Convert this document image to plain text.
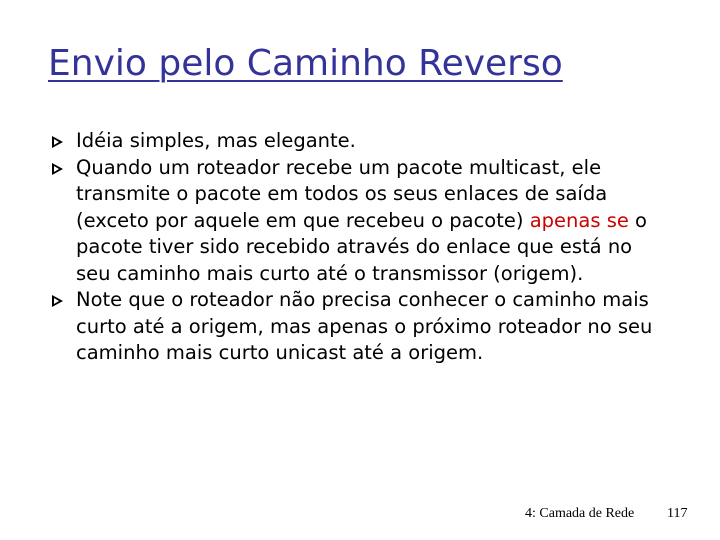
Envio pelo Caminho Reverso
Idéia simples, mas elegante.
Quando um roteador recebe um pacote multicast, ele transmite o pacote em todos os seus enlaces de saída (exceto por aquele em que recebeu o pacote) apenas se o pacote tiver sido recebido através do enlace que está no seu caminho mais curto até o transmissor (origem).
Note que o roteador não precisa conhecer o caminho mais curto até a origem, mas apenas o próximo roteador no seu caminho mais curto unicast até a origem.
4: Camada de Rede 117
